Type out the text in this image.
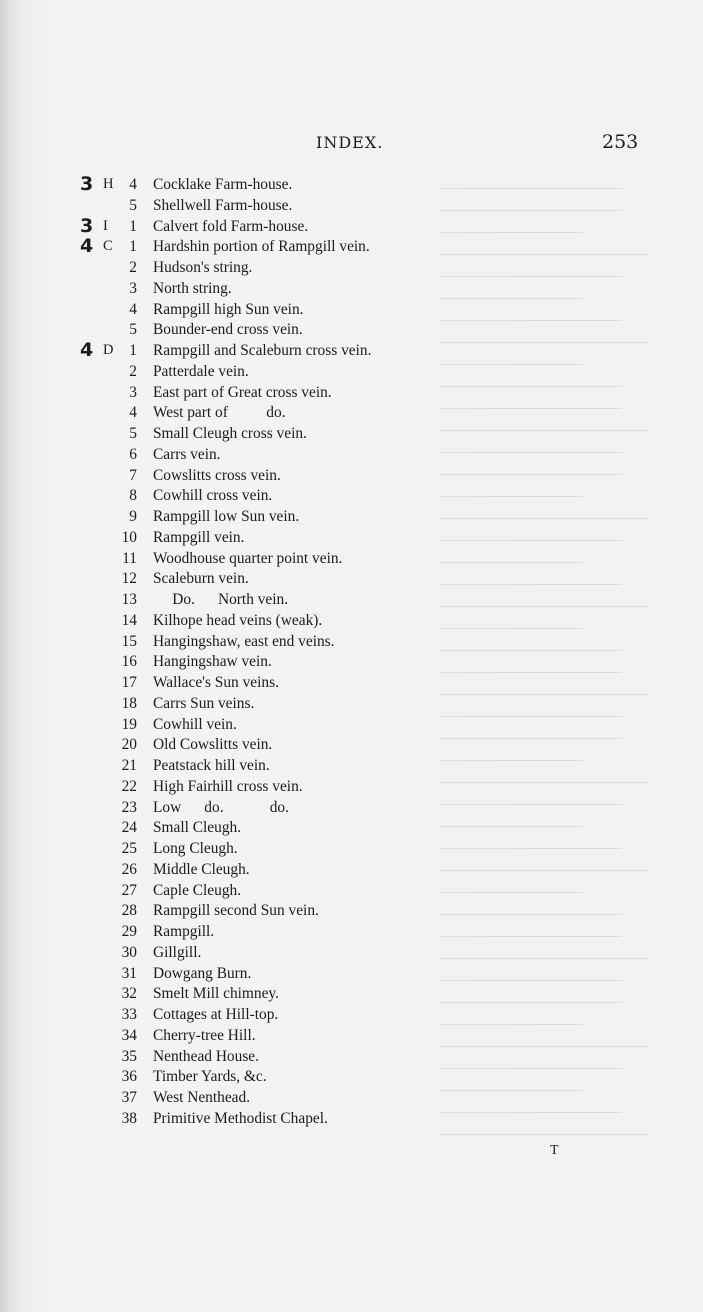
INDEX.	253
3 H	4 Cocklake Farm-house.
5 Shellwell Farm-house.
3 I	1 Calvert fold Farm-house.
4 C	1 Hardshin portion of Rampgill vein.
2 Hudson's string.
3 North string.
4 Rampgill high Sun vein.
5 Bounder-end cross vein.
4 D	1 Rampgill and Scaleburn cross vein.
2 Patterdale vein.
3 East part of Great cross vein.
4 West part of          do.
5 Small Cleugh cross vein.
6 Carrs vein.
7 Cowslitts cross vein.
8 Cowhill cross vein.
9 Rampgill low Sun vein.
10 Rampgill vein.
11 Woodhouse quarter point vein.
12 Scaleburn vein.
13 Do.      North vein.
14 Kilhope head veins (weak).
15 Hangingshaw, east end veins.
16 Hangingshaw vein.
17 Wallace's Sun veins.
18 Carrs Sun veins.
19 Cowhill vein.
20 Old Cowslitts vein.
21 Peatstack hill vein.
22 High Fairhill cross vein.
23 Low      do.            do.
24 Small Cleugh.
25 Long Cleugh.
26 Middle Cleugh.
27 Caple Cleugh.
28 Rampgill second Sun vein.
29 Rampgill.
30 Gillgill.
31 Dowgang Burn.
32 Smelt Mill chimney.
33 Cottages at Hill-top.
34 Cherry-tree Hill.
35 Nenthead House.
36 Timber Yards, &c.
37 West Nenthead.
38 Primitive Methodist Chapel.
T
